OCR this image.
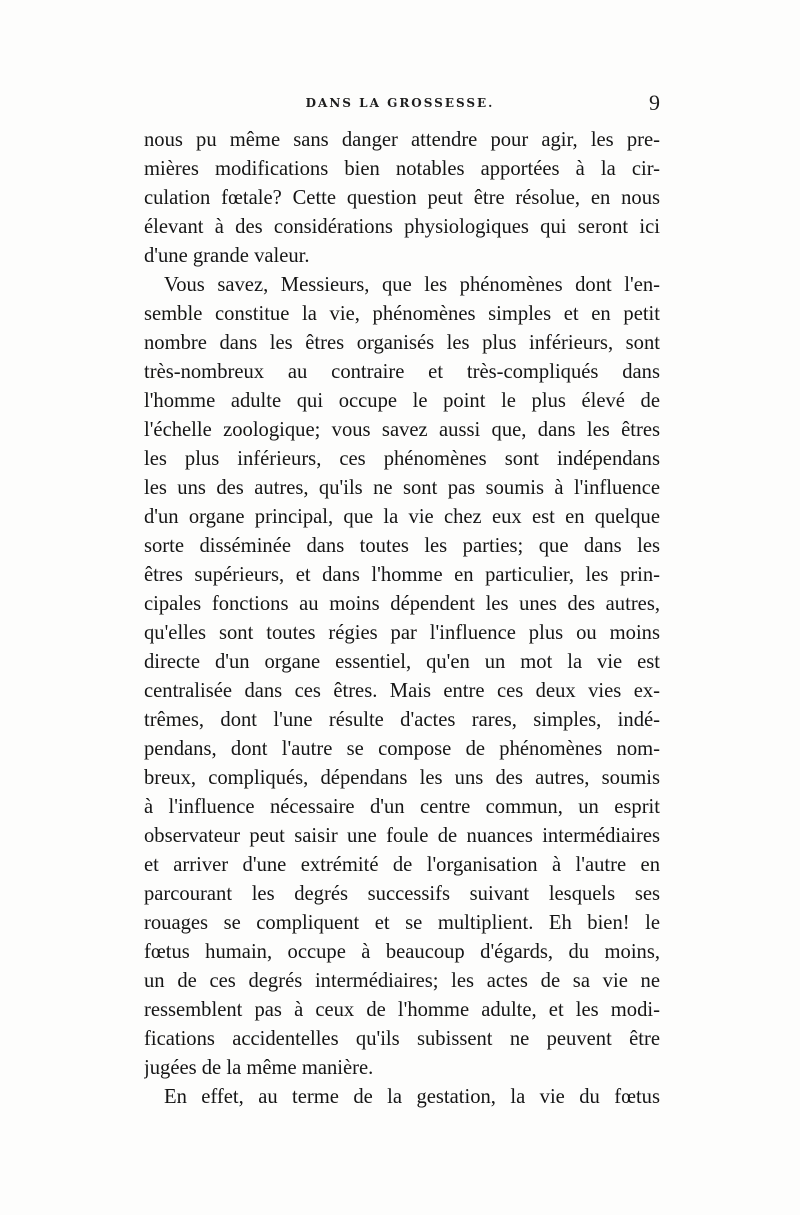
DANS LA GROSSESSE.	9
nous pu même sans danger attendre pour agir, les pre-
mières modifications bien notables apportées à la cir-
culation fœtale? Cette question peut être résolue, en nous
élevant à des considérations physiologiques qui seront ici
d'une grande valeur.
Vous savez, Messieurs, que les phénomènes dont l'en-
semble constitue la vie, phénomènes simples et en petit
nombre dans les êtres organisés les plus inférieurs, sont
très-nombreux au contraire et très-compliqués dans
l'homme adulte qui occupe le point le plus élevé de
l'échelle zoologique; vous savez aussi que, dans les êtres
les plus inférieurs, ces phénomènes sont indépendans
les uns des autres, qu'ils ne sont pas soumis à l'influence
d'un organe principal, que la vie chez eux est en quelque
sorte disséminée dans toutes les parties; que dans les
êtres supérieurs, et dans l'homme en particulier, les prin-
cipales fonctions au moins dépendent les unes des autres,
qu'elles sont toutes régies par l'influence plus ou moins
directe d'un organe essentiel, qu'en un mot la vie est
centralisée dans ces êtres. Mais entre ces deux vies ex-
trêmes, dont l'une résulte d'actes rares, simples, indé-
pendans, dont l'autre se compose de phénomènes nom-
breux, compliqués, dépendans les uns des autres, soumis
à l'influence nécessaire d'un centre commun, un esprit
observateur peut saisir une foule de nuances intermédiaires
et arriver d'une extrémité de l'organisation à l'autre en
parcourant les degrés successifs suivant lesquels ses
rouages se compliquent et se multiplient. Eh bien! le
fœtus humain, occupe à beaucoup d'égards, du moins,
un de ces degrés intermédiaires; les actes de sa vie ne
ressemblent pas à ceux de l'homme adulte, et les modi-
fications accidentelles qu'ils subissent ne peuvent être
jugées de la même manière.
En effet, au terme de la gestation, la vie du fœtus
